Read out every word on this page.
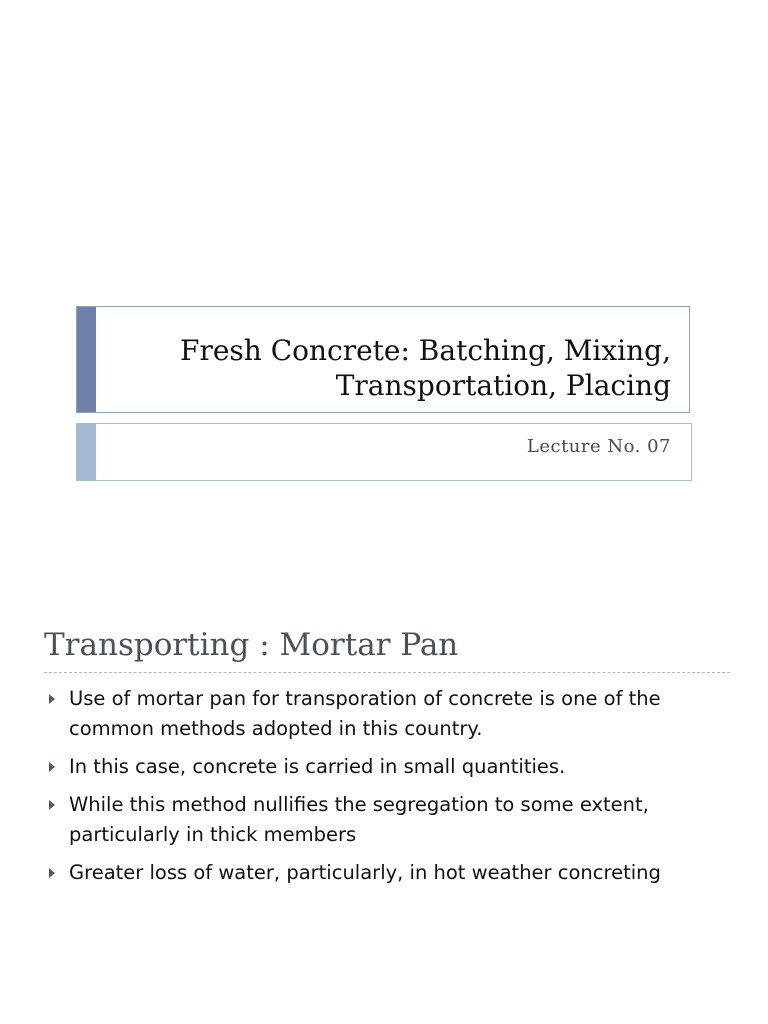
Fresh Concrete: Batching, Mixing,
Transportation, Placing
Lecture No. 07
Transporting : Mortar Pan
Use of mortar pan for transporation of concrete is one of the common methods adopted in this country.
In this case, concrete is carried in small quantities.
While this method nullifies the segregation to some extent, particularly in thick members
Greater loss of water, particularly, in hot weather concreting
